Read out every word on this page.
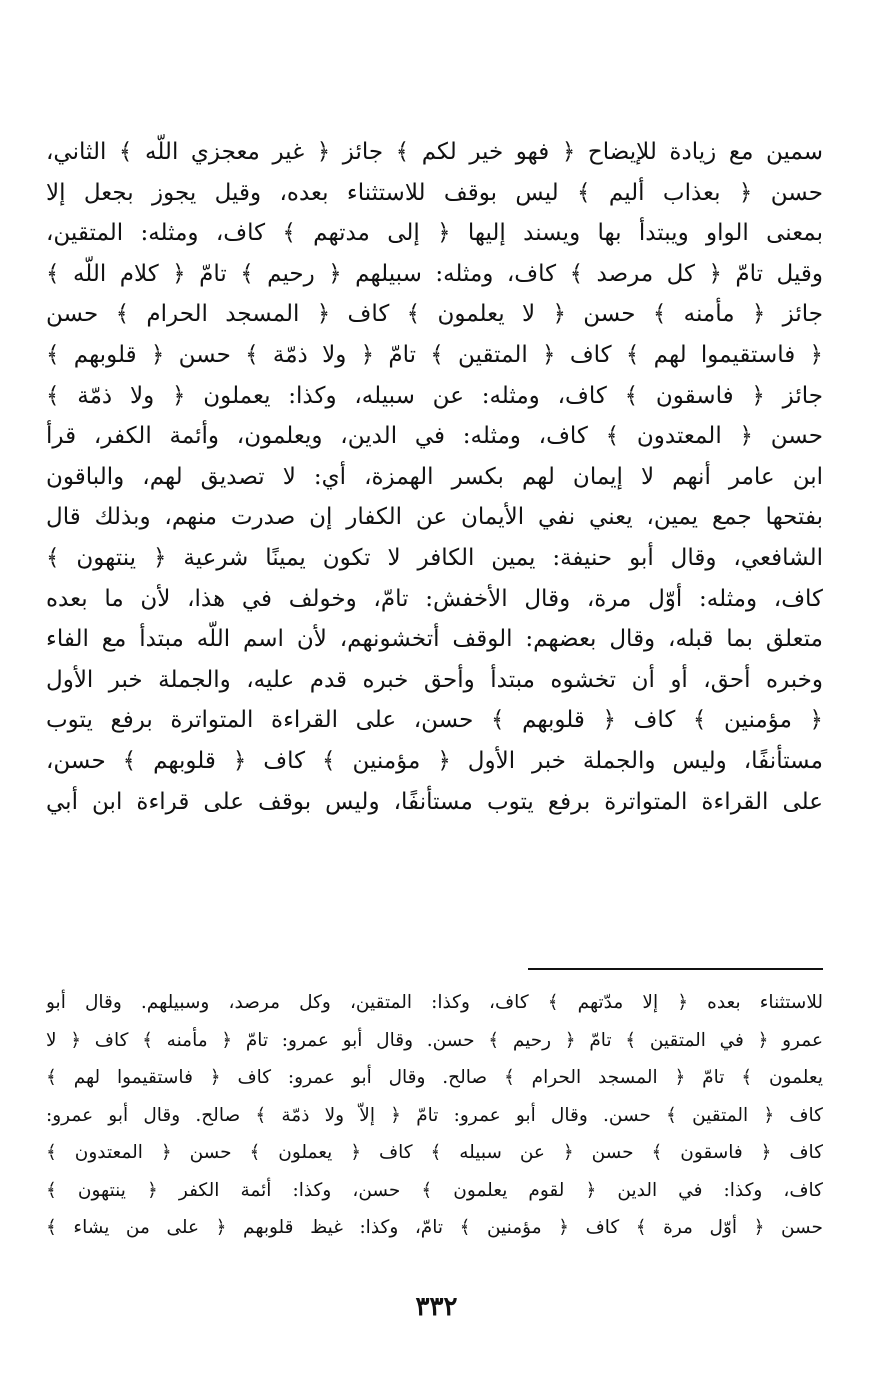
سمين مع زيادة للإيضاح ﴿ فهو خير لكم ﴾ جائز ﴿ غير معجزي اللّه ﴾ الثاني،
حسن ﴿ بعذاب أليم ﴾ ليس بوقف للاستثناء بعده، وقيل يجوز بجعل إلا
بمعنى الواو ويبتدأ بها ويسند إليها ﴿ إلى مدتهم ﴾ كاف، ومثله: المتقين،
وقيل تامّ ﴿ كل مرصد ﴾ كاف، ومثله: سبيلهم ﴿ رحيم ﴾ تامّ ﴿ كلام اللّه ﴾
جائز ﴿ مأمنه ﴾ حسن ﴿ لا يعلمون ﴾ كاف ﴿ المسجد الحرام ﴾ حسن
﴿ فاستقيموا لهم ﴾ كاف ﴿ المتقين ﴾ تامّ ﴿ ولا ذمّة ﴾ حسن ﴿ قلوبهم ﴾
جائز ﴿ فاسقون ﴾ كاف، ومثله: عن سبيله، وكذا: يعملون ﴿ ولا ذمّة ﴾
حسن ﴿ المعتدون ﴾ كاف، ومثله: في الدين، ويعلمون، وأئمة الكفر، قرأ
ابن عامر أنهم لا إيمان لهم بكسر الهمزة، أي: لا تصديق لهم، والباقون
بفتحها جمع يمين، يعني نفي الأيمان عن الكفار إن صدرت منهم، وبذلك قال
الشافعي، وقال أبو حنيفة: يمين الكافر لا تكون يمينًا شرعية ﴿ ينتهون ﴾
كاف، ومثله: أوّل مرة، وقال الأخفش: تامّ، وخولف في هذا، لأن ما بعده
متعلق بما قبله، وقال بعضهم: الوقف أتخشونهم، لأن اسم اللّه مبتدأ مع الفاء
وخبره أحق، أو أن تخشوه مبتدأ وأحق خبره قدم عليه، والجملة خبر الأول
﴿ مؤمنين ﴾ كاف ﴿ قلوبهم ﴾ حسن، على القراءة المتواترة برفع يتوب
مستأنفًا، وليس والجملة خبر الأول ﴿ مؤمنين ﴾ كاف ﴿ قلوبهم ﴾ حسن،
على القراءة المتواترة برفع يتوب مستأنفًا، وليس بوقف على قراءة ابن أبي
للاستثناء بعده ﴿ إلا مدّتهم ﴾ كاف، وكذا: المتقين، وكل مرصد، وسبيلهم. وقال أبو
عمرو ﴿ في المتقين ﴾ تامّ ﴿ رحيم ﴾ حسن. وقال أبو عمرو: تامّ ﴿ مأمنه ﴾ كاف ﴿ لا
يعلمون ﴾ تامّ ﴿ المسجد الحرام ﴾ صالح. وقال أبو عمرو: كاف ﴿ فاستقيموا لهم ﴾
كاف ﴿ المتقين ﴾ حسن. وقال أبو عمرو: تامّ ﴿ إلاّ ولا ذمّة ﴾ صالح. وقال أبو عمرو:
كاف ﴿ فاسقون ﴾ حسن ﴿ عن سبيله ﴾ كاف ﴿ يعملون ﴾ حسن ﴿ المعتدون ﴾
كاف، وكذا: في الدين ﴿ لقوم يعلمون ﴾ حسن، وكذا: أئمة الكفر ﴿ ينتهون ﴾
حسن ﴿ أوّل مرة ﴾ كاف ﴿ مؤمنين ﴾ تامّ، وكذا: غيظ قلوبهم ﴿ على من يشاء ﴾
٣٣٢
